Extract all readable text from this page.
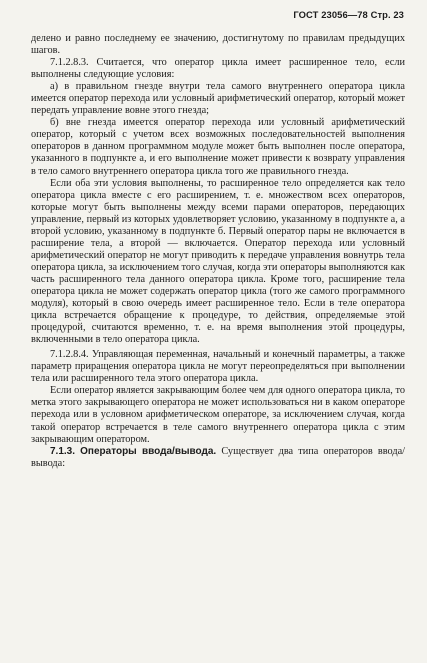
ГОСТ 23056—78 Стр. 23

делено и равно последнему ее значению, достигнутому по правилам предыдущих шагов.

7.1.2.8.3. Считается, что оператор цикла имеет расширенное тело, если выполнены следующие условия:

а) в правильном гнезде внутри тела самого внутреннего оператора цикла имеется оператор перехода или условный арифметический оператор, который может передать управление вовне этого гнезда;

б) вне гнезда имеется оператор перехода или условный арифметический оператор, который с учетом всех возможных последовательностей выполнения операторов в данном программном модуле может быть выполнен после оператора, указанного в подпункте а, и его выполнение может привести к возврату управления в тело самого внутреннего оператора цикла того же правильного гнезда.

Если оба эти условия выполнены, то расширенное тело определяется как тело оператора цикла вместе с его расширением, т. е. множеством всех операторов, которые могут быть выполнены между всеми парами операторов, передающих управление, первый из которых удовлетворяет условию, указанному в подпункте а, а второй условию, указанному в подпункте б. Первый оператор пары не включается в расширение тела, а второй — включается. Оператор перехода или условный арифметический оператор не могут приводить к передаче управления вовнутрь тела оператора цикла, за исключением того случая, когда эти операторы выполняются как часть расширенного тела данного оператора цикла. Кроме того, расширение тела оператора цикла не может содержать оператор цикла (того же самого программного модуля), который в свою очередь имеет расширенное тело. Если в теле оператора цикла встречается обращение к процедуре, то действия, определяемые этой процедурой, считаются временно, т. е. на время выполнения этой процедуры, включенными в тело оператора цикла.

7.1.2.8.4. Управляющая переменная, начальный и конечный параметры, а также параметр приращения оператора цикла не могут переопределяться при выполнении тела или расширенного тела этого оператора цикла.

Если оператор является закрывающим более чем для одного оператора цикла, то метка этого закрывающего оператора не может использоваться ни в каком операторе перехода или в условном арифметическом операторе, за исключением случая, когда такой оператор встречается в теле самого внутреннего оператора цикла с этим закрывающим оператором.

7.1.3. Операторы ввода/вывода. Существует два типа операторов ввода/вывода:
